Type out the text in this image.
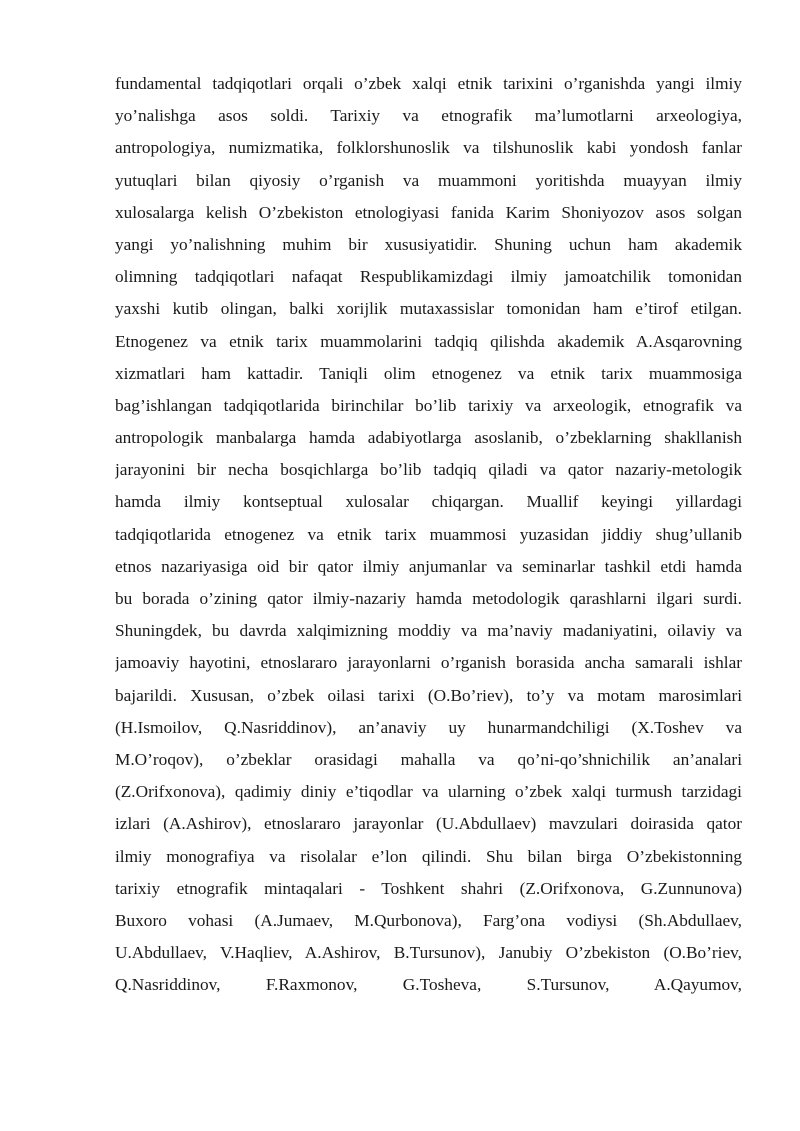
fundamental tadqiqotlari orqali o’zbek xalqi etnik tarixini o’rganishda yangi ilmiy
yo’nalishga asos soldi. Tarixiy va etnografik ma’lumotlarni arxeologiya,
antropologiya, numizmatika, folklorshunoslik va tilshunoslik kabi yondosh fanlar
yutuqlari bilan qiyosiy o’rganish va muammoni yoritishda muayyan ilmiy
xulosalarga kelish O’zbekiston etnologiyasi fanida Karim Shoniyozov asos solgan
yangi yo’nalishning muhim bir xususiyatidir. Shuning uchun ham akademik
olimning tadqiqotlari nafaqat Respublikamizdagi ilmiy jamoatchilik tomonidan
yaxshi kutib olingan, balki xorijlik mutaxassislar tomonidan ham e’tirof etilgan.
Etnogenez va etnik tarix muammolarini tadqiq qilishda akademik A.Asqarovning
xizmatlari ham kattadir. Taniqli olim etnogenez va etnik tarix muammosiga
bag’ishlangan tadqiqotlarida birinchilar bo’lib tarixiy va arxeologik, etnografik va
antropologik manbalarga hamda adabiyotlarga asoslanib, o’zbeklarning shakllanish
jarayonini bir necha bosqichlarga bo’lib tadqiq qiladi va qator nazariy-metologik
hamda ilmiy kontseptual xulosalar chiqargan. Muallif keyingi yillardagi
tadqiqotlarida etnogenez va etnik tarix muammosi yuzasidan jiddiy shug’ullanib
etnos nazariyasiga oid bir qator ilmiy anjumanlar va seminarlar tashkil etdi hamda
bu borada o’zining qator ilmiy-nazariy hamda metodologik qarashlarni ilgari surdi.
Shuningdek, bu davrda xalqimizning moddiy va ma’naviy madaniyatini, oilaviy va
jamoaviy hayotini, etnoslararo jarayonlarni o’rganish borasida ancha samarali ishlar
bajarildi. Xususan, o’zbek oilasi tarixi (O.Bo’riev), to’y va motam marosimlari
(H.Ismoilov, Q.Nasriddinov), an’anaviy uy hunarmandchiligi (X.Toshev va
M.O’roqov), o’zbeklar orasidagi mahalla va qo’ni-qo’shnichilik an’analari
(Z.Orifxonova), qadimiy diniy e’tiqodlar va ularning o’zbek xalqi turmush tarzidagi
izlari (A.Ashirov), etnoslararo jarayonlar (U.Abdullaev) mavzulari doirasida qator
ilmiy monografiya va risolalar e’lon qilindi. Shu bilan birga O’zbekistonning
tarixiy etnografik mintaqalari - Toshkent shahri (Z.Orifxonova, G.Zunnunova)
Buxoro vohasi (A.Jumaev, M.Qurbonova), Farg’ona vodiysi (Sh.Abdullaev,
U.Abdullaev, V.Haqliev, A.Ashirov, B.Tursunov), Janubiy O’zbekiston (O.Bo’riev,
Q.Nasriddinov, F.Raxmonov, G.Tosheva, S.Tursunov, A.Qayumov,
